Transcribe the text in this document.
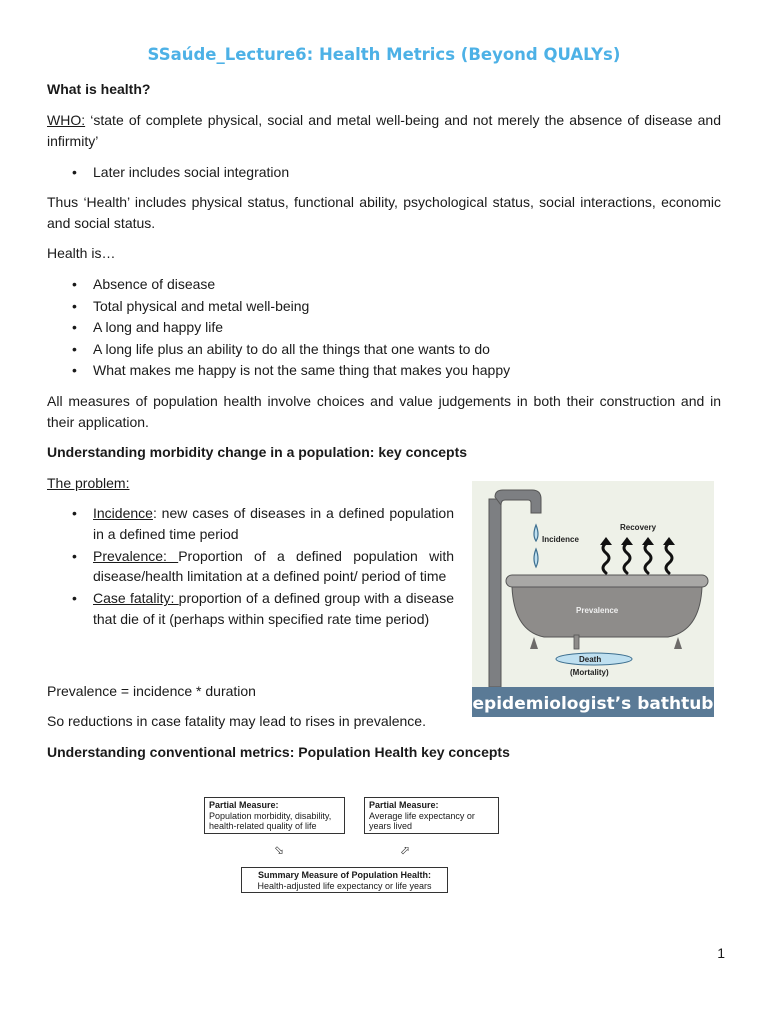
SSaúde_Lecture6: Health Metrics (Beyond QUALYs)

What is health?

WHO: ‘state of complete physical, social and metal well-being and not merely the absence of disease and infirmity’

• Later includes social integration

Thus ‘Health’ includes physical status, functional ability, psychological status, social interactions, economic and social status.

Health is…

• Absence of disease
• Total physical and metal well-being
• A long and happy life
• A long life plus an ability to do all the things that one wants to do
• What makes me happy is not the same thing that makes you happy

All measures of population health involve choices and value judgements in both their construction and in their application.

Understanding morbidity change in a population: key concepts

The problem:

• Incidence: new cases of diseases in a defined population in a defined time period
• Prevalence: Proportion of a defined population with disease/health limitation at a defined point/ period of time
• Case fatality: proportion of a defined group with a disease that die of it (perhaps within specified rate time period)

Prevalence = incidence * duration

So reductions in case fatality may lead to rises in prevalence.

Understanding conventional metrics: Population Health key concepts

Incidence
Recovery
Prevalence
Death
(Mortality)
epidemiologist’s bathtub
Partial Measure:
Population morbidity, disability, health-related quality of life
Partial Measure:
Average life expectancy or years lived
⬂	⬀
Summary Measure of Population Health:
Health-adjusted life expectancy or life years
1
